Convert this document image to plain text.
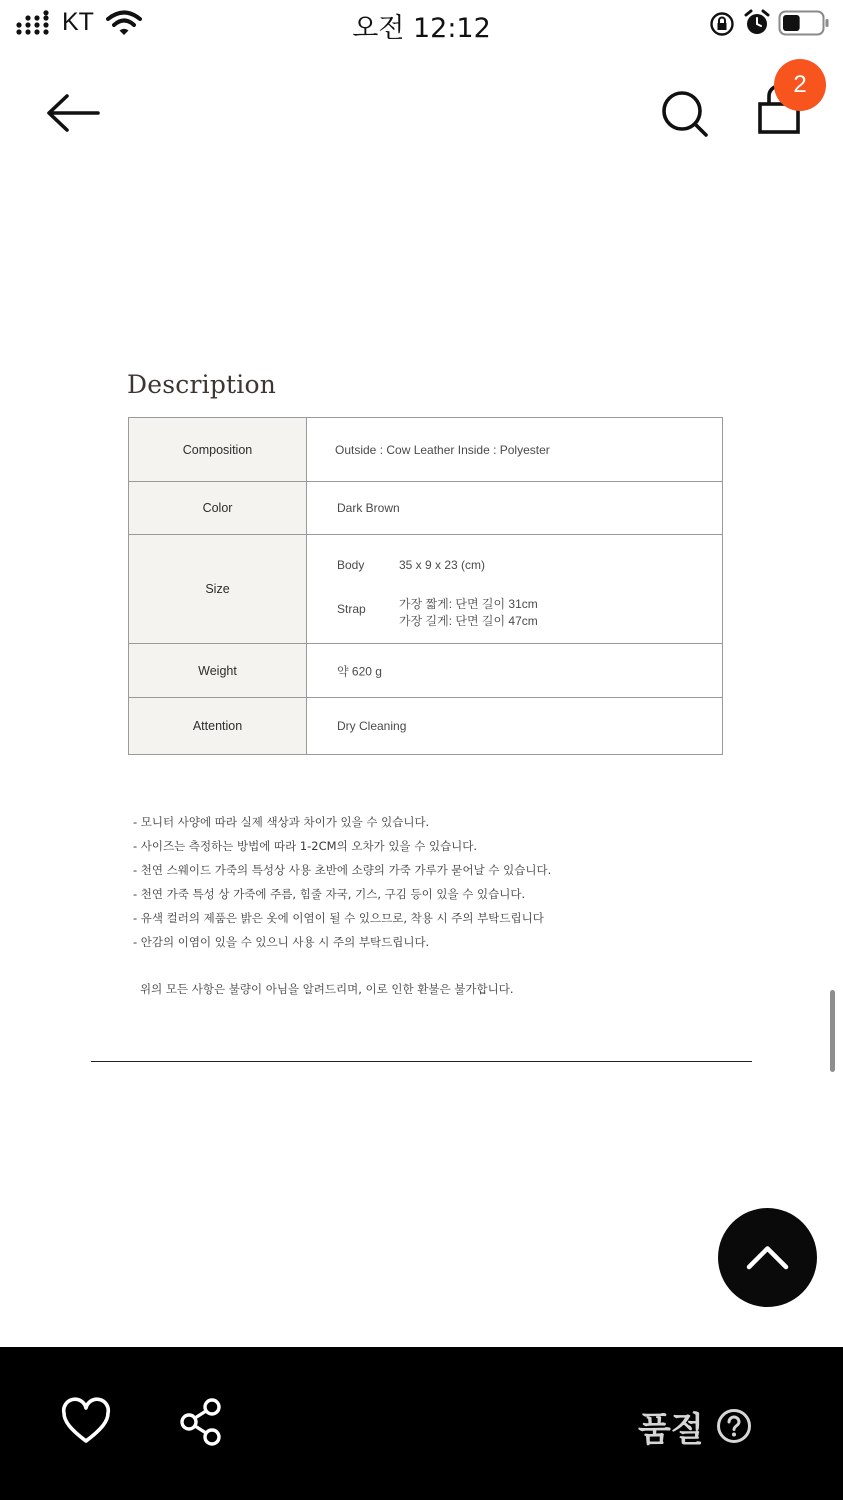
KT	오전 12:12
2
Description
Composition	Outside : Cow Leather Inside : Polyester
Color	Dark Brown
Size
Body	35 x 9 x 23 (cm)
Strap	가장 짧게: 단면 길이 31cm
가장 길게: 단면 길이 47cm
Weight	약 620 g
Attention	Dry Cleaning
- 모니터 사양에 따라 실제 색상과 차이가 있을 수 있습니다.
- 사이즈는 측정하는 방법에 따라 1-2CM의 오차가 있을 수 있습니다.
- 천연 스웨이드 가죽의 특성상 사용 초반에 소량의 가죽 가루가 묻어날 수 있습니다.
- 천연 가죽 특성 상 가죽에 주름, 힘줄 자국, 기스, 구김 등이 있을 수 있습니다.
- 유색 컬러의 제품은 밝은 옷에 이염이 될 수 있으므로, 착용 시 주의 부탁드립니다
- 안감의 이염이 있을 수 있으니 사용 시 주의 부탁드립니다.
위의 모든 사항은 불량이 아님을 알려드리며, 이로 인한 환불은 불가합니다.
품절
